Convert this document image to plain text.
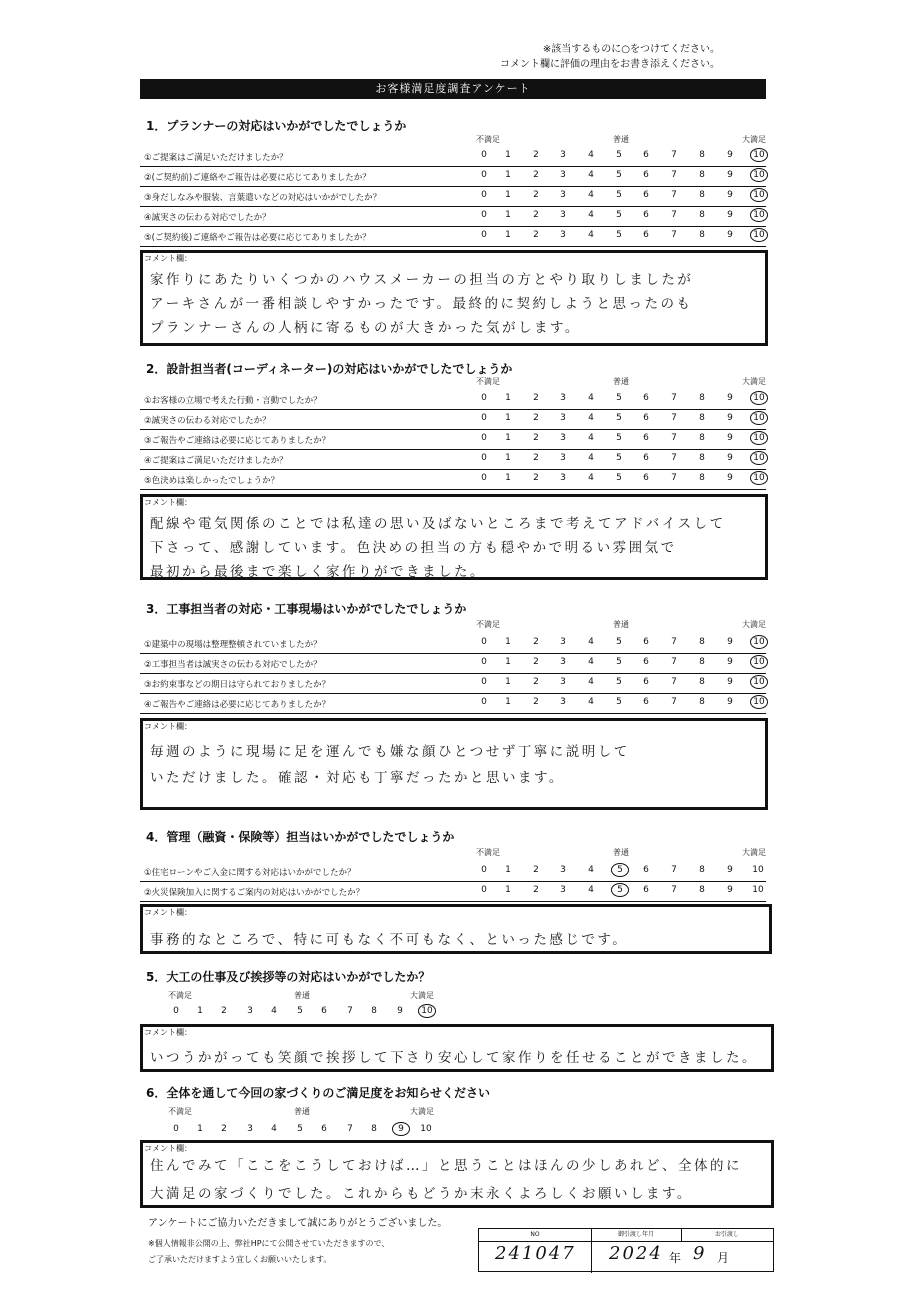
※該当するものに○をつけてください。
コメント欄に評価の理由をお書き添えください。
お客様満足度調査アンケート
1．プランナーの対応はいかがでしたでしょうか
不満足	普通	大満足
①ご提案はご満足いただけましたか？	0	1	2	3	4	5	6	7	8	9	10
②(ご契約前)ご連絡やご報告は必要に応じてありましたか？	0	1	2	3	4	5	6	7	8	9	10
③身だしなみや服装、言葉遣いなどの対応はいかがでしたか？	0	1	2	3	4	5	6	7	8	9	10
④誠実さの伝わる対応でしたか？	0	1	2	3	4	5	6	7	8	9	10
⑤(ご契約後)ご連絡やご報告は必要に応じてありましたか？	0	1	2	3	4	5	6	7	8	9	10
コメント欄：
家作りにあたりいくつかのハウスメーカーの担当の方とやり取りしましたが
アーキさんが一番相談しやすかったです。最終的に契約しようと思ったのも
プランナーさんの人柄に寄るものが大きかった気がします。
2．設計担当者(コーディネーター)の対応はいかがでしたでしょうか
不満足	普通	大満足
①お客様の立場で考えた行動・言動でしたか？	0	1	2	3	4	5	6	7	8	9	10
②誠実さの伝わる対応でしたか？	0	1	2	3	4	5	6	7	8	9	10
③ご報告やご連絡は必要に応じてありましたか？	0	1	2	3	4	5	6	7	8	9	10
④ご提案はご満足いただけましたか？	0	1	2	3	4	5	6	7	8	9	10
⑤色決めは楽しかったでしょうか？	0	1	2	3	4	5	6	7	8	9	10
コメント欄：
配線や電気関係のことでは私達の思い及ばないところまで考えてアドバイスして
下さって、感謝しています。色決めの担当の方も穏やかで明るい雰囲気で
最初から最後まで楽しく家作りができました。
3．工事担当者の対応・工事現場はいかがでしたでしょうか
不満足	普通	大満足
①建築中の現場は整理整頓されていましたか？	0	1	2	3	4	5	6	7	8	9	10
②工事担当者は誠実さの伝わる対応でしたか？	0	1	2	3	4	5	6	7	8	9	10
③お約束事などの期日は守られておりましたか？	0	1	2	3	4	5	6	7	8	9	10
④ご報告やご連絡は必要に応じてありましたか？	0	1	2	3	4	5	6	7	8	9	10
コメント欄：
毎週のように現場に足を運んでも嫌な顔ひとつせず丁寧に説明して
いただけました。確認・対応も丁寧だったかと思います。
4．管理（融資・保険等）担当はいかがでしたでしょうか
不満足	普通	大満足
①住宅ローンやご入金に関する対応はいかがでしたか？	0	1	2	3	4	5	6	7	8	9	10
②火災保険加入に関するご案内の対応はいかがでしたか？	0	1	2	3	4	5	6	7	8	9	10
コメント欄：
事務的なところで、特に可もなく不可もなく、といった感じです。
5．大工の仕事及び挨拶等の対応はいかがでしたか？
不満足	普通	大満足
0	1	2	3	4	5	6	7	8	9	10
コメント欄：
いつうかがっても笑顔で挨拶して下さり安心して家作りを任せることができました。
6．全体を通して今回の家づくりのご満足度をお知らせください
不満足	普通	大満足
0	1	2	3	4	5	6	7	8	9	10
コメント欄：
住んでみて「ここをこうしておけば…」と思うことはほんの少しあれど、全体的に
大満足の家づくりでした。これからもどうか末永くよろしくお願いします。
アンケートにご協力いただきまして誠にありがとうございました。
※個人情報非公開の上、弊社HPにて公開させていただきますので、
ご了承いただけますよう宜しくお願いいたします。
NO	御引渡し年月	お引渡し
241047 2024 年 9 月
